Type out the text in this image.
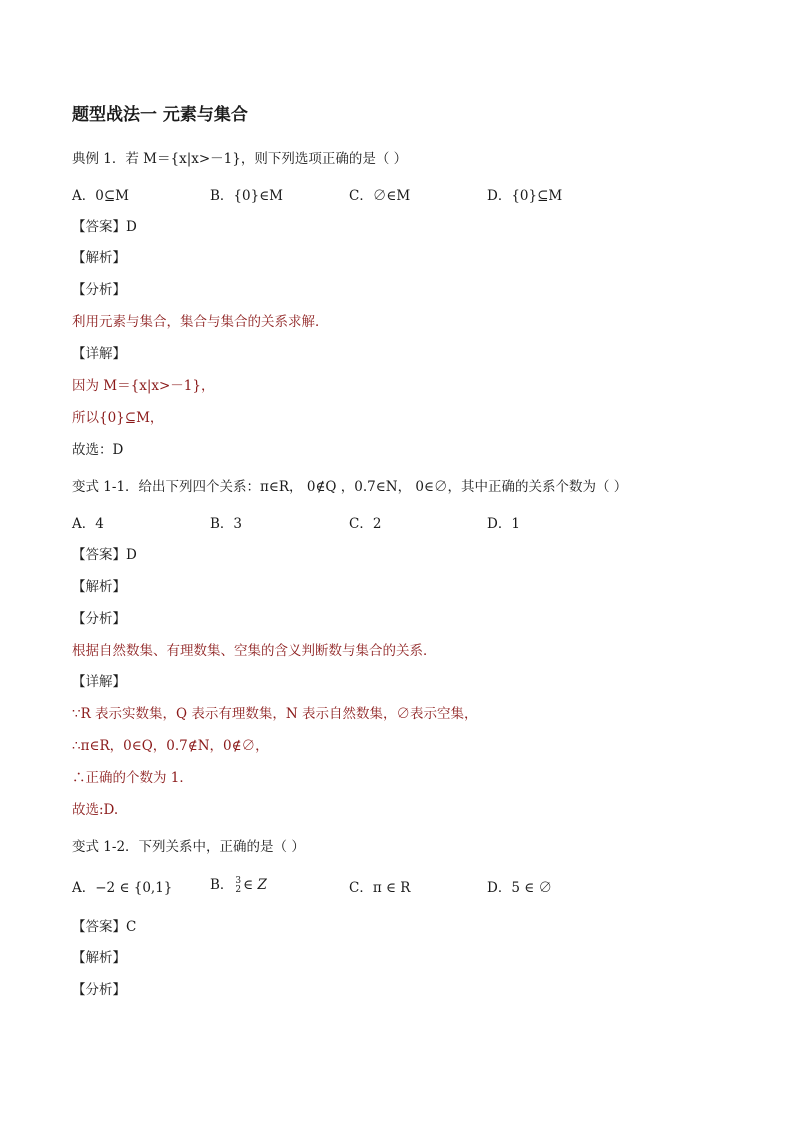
题型战法一 元素与集合
典例 1．若 M＝{x|x>－1}，则下列选项正确的是（ ）
A．0⊆M	B．{0}∈M	C．∅∈M	D．{0}⊆M
【答案】D
【解析】
【分析】
利用元素与集合，集合与集合的关系求解．
【详解】
因为 M＝{x|x>－1}，
所以{0}⊆M，
故选：D
变式 1-1．给出下列四个关系：π∈R， 0∉Q ，0.7∈N， 0∈∅，其中正确的关系个数为（ ）
A．4	B．3	C．2	D．1
【答案】D
【解析】
【分析】
根据自然数集、有理数集、空集的含义判断数与集合的关系．
【详解】
∵R 表示实数集，Q 表示有理数集，N 表示自然数集，∅表示空集，
∴π∈R，0∈Q，0.7∉N，0∉∅，
∴正确的个数为 1．
故选:D.
变式 1-2．下列关系中，正确的是（ ）
A．−2 ∈ {0,1}	B． 3
2 ∈ Z	C．π ∈ R	D．5 ∈ ∅
【答案】C
【解析】
【分析】
